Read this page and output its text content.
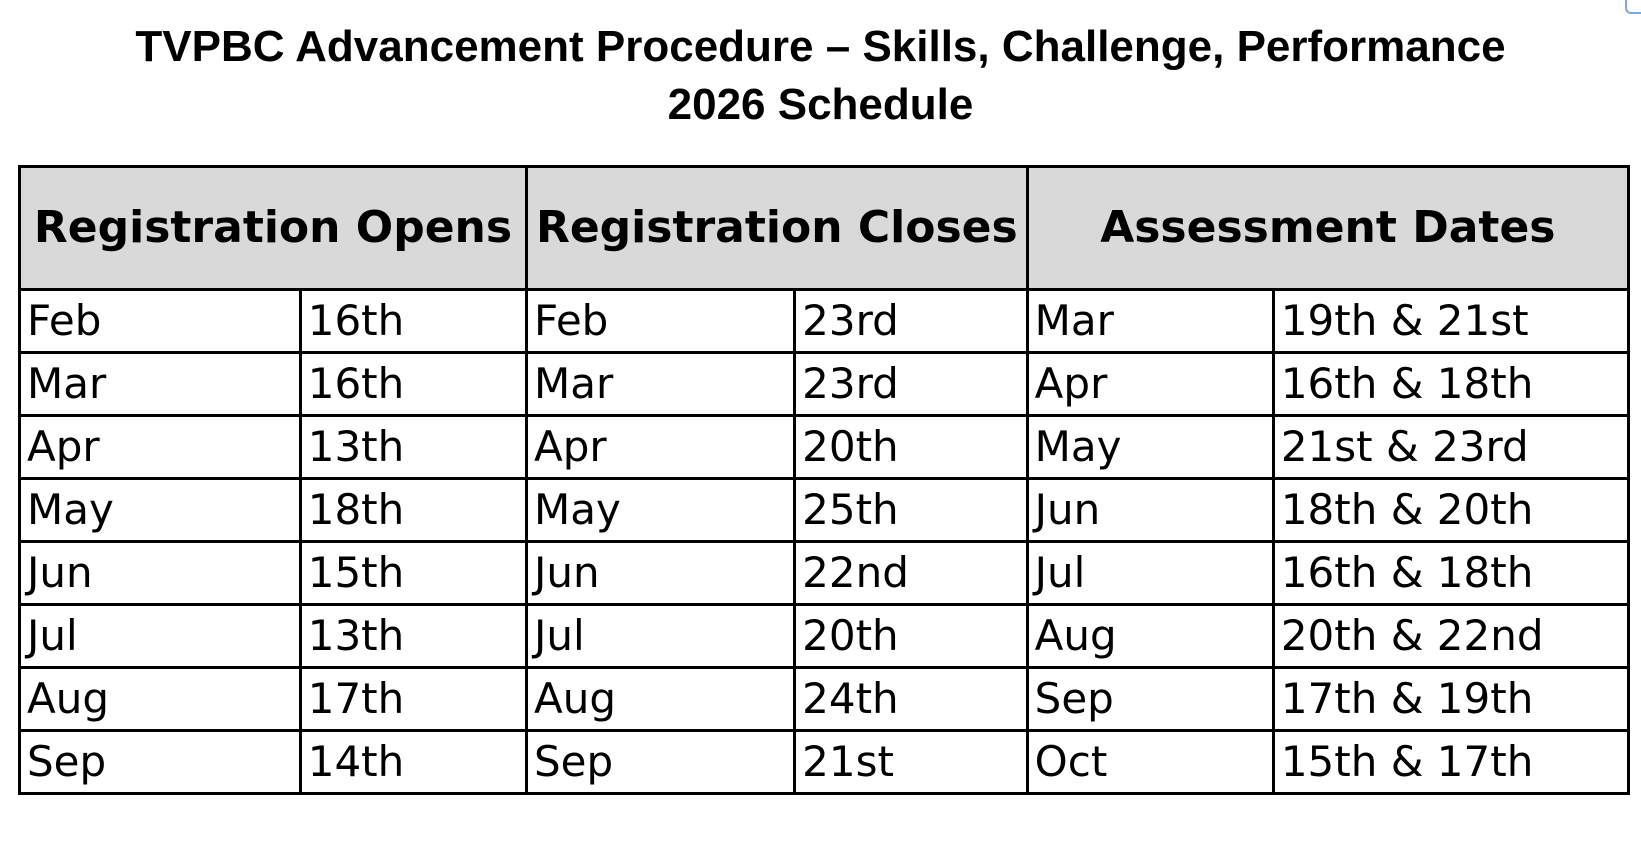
TVPBC Advancement Procedure – Skills, Challenge, Performance

2026 Schedule

Registration Opens		Registration Closes		Assessment Dates	
Feb	16th	Feb	23rd	Mar	19th & 21st
Mar	16th	Mar	23rd	Apr	16th & 18th
Apr	13th	Apr	20th	May	21st & 23rd
May	18th	May	25th	Jun	18th & 20th
Jun	15th	Jun	22nd	Jul	16th & 18th
Jul	13th	Jul	20th	Aug	20th & 22nd
Aug	17th	Aug	24th	Sep	17th & 19th
Sep	14th	Sep	21st	Oct	15th & 17th
